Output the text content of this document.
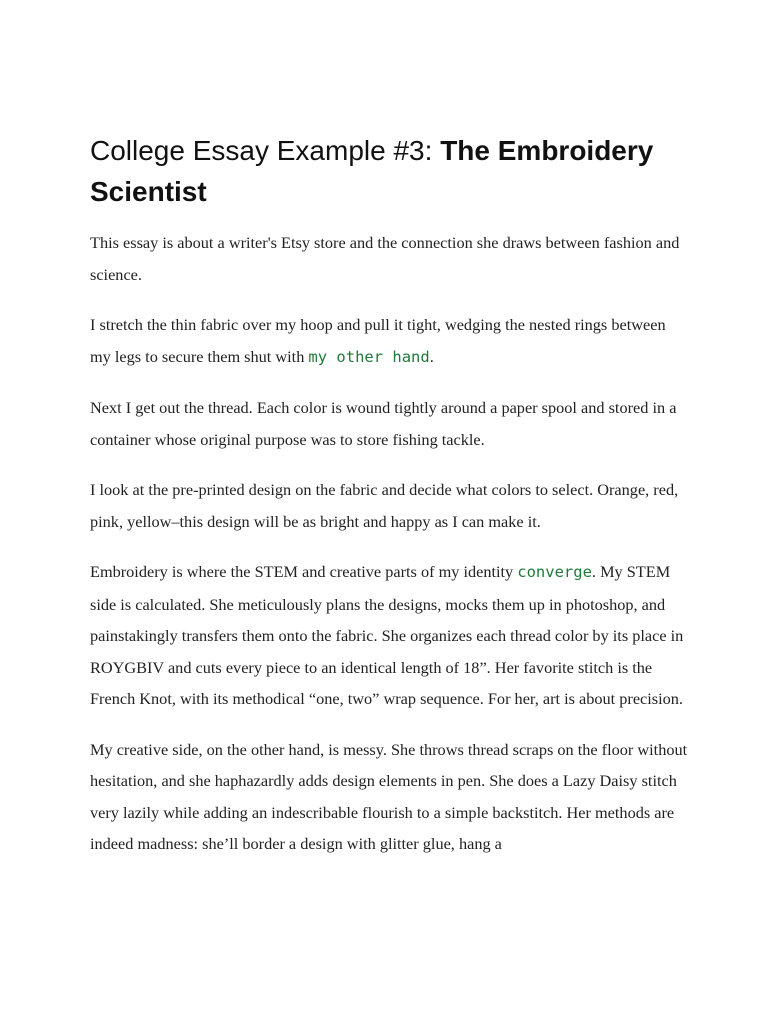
College Essay Example #3: The Embroidery Scientist

This essay is about a writer's Etsy store and the connection she draws between fashion and science.

I stretch the thin fabric over my hoop and pull it tight, wedging the nested rings between my legs to secure them shut with my other hand.

Next I get out the thread. Each color is wound tightly around a paper spool and stored in a container whose original purpose was to store fishing tackle.

I look at the pre-printed design on the fabric and decide what colors to select. Orange, red, pink, yellow–this design will be as bright and happy as I can make it.

Embroidery is where the STEM and creative parts of my identity converge. My STEM side is calculated. She meticulously plans the designs, mocks them up in photoshop, and painstakingly transfers them onto the fabric. She organizes each thread color by its place in ROYGBIV and cuts every piece to an identical length of 18”. Her favorite stitch is the French Knot, with its methodical “one, two” wrap sequence. For her, art is about precision.

My creative side, on the other hand, is messy. She throws thread scraps on the floor without hesitation, and she haphazardly adds design elements in pen. She does a Lazy Daisy stitch very lazily while adding an indescribable flourish to a simple backstitch. Her methods are indeed madness: she’ll border a design with glitter glue, hang a
